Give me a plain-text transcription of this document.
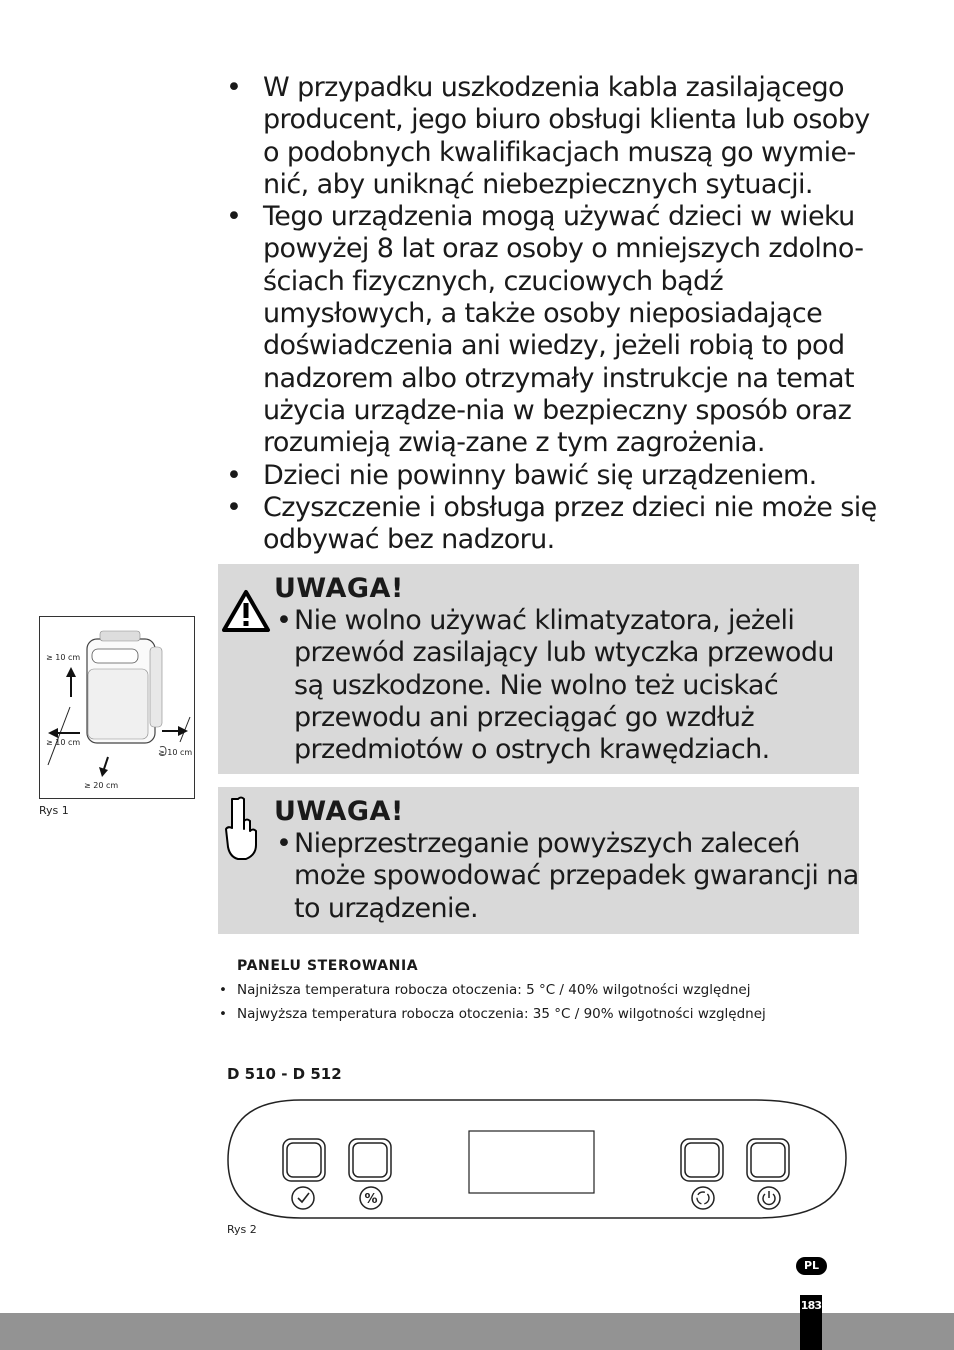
• W przypadku uszkodzenia kabla zasilającego producent, jego biuro obsługi klienta lub osoby o podobnych kwalifikacjach muszą go wymie-nić, aby uniknąć niebezpiecznych sytuacji.
• Tego urządzenia mogą używać dzieci w wieku powyżej 8 lat oraz osoby o mniejszych zdolno-ściach fizycznych, czuciowych bądź umysłowych, a także osoby nieposiadające doświadczenia ani wiedzy, jeżeli robią to pod nadzorem albo otrzymały instrukcje na temat użycia urządze-nia w bezpieczny sposób oraz rozumieją zwią-zane z tym zagrożenia.
• Dzieci nie powinny bawić się urządzeniem.
• Czyszczenie i obsługa przez dzieci nie może się odbywać bez nadzoru.
≥ 10 cm
≥ 10 cm
≥ 10 cm
≥ 20 cm
Rys 1
UWAGA!
• Nie wolno używać klimatyzatora, jeżeli przewód zasilający lub wtyczka przewodu są uszkodzone. Nie wolno też uciskać przewodu ani przeciągać go wzdłuż przedmiotów o ostrych krawędziach.
UWAGA!
• Nieprzestrzeganie powyższych zaleceń może spowodować przepadek gwarancji na to urządzenie.
PANELU STEROWANIA
• Najniższa temperatura robocza otoczenia: 5 °C / 40% wilgotności względnej
• Najwyższa temperatura robocza otoczenia: 35 °C / 90% wilgotności względnej
D 510 - D 512
%
Rys 2
PL
183
